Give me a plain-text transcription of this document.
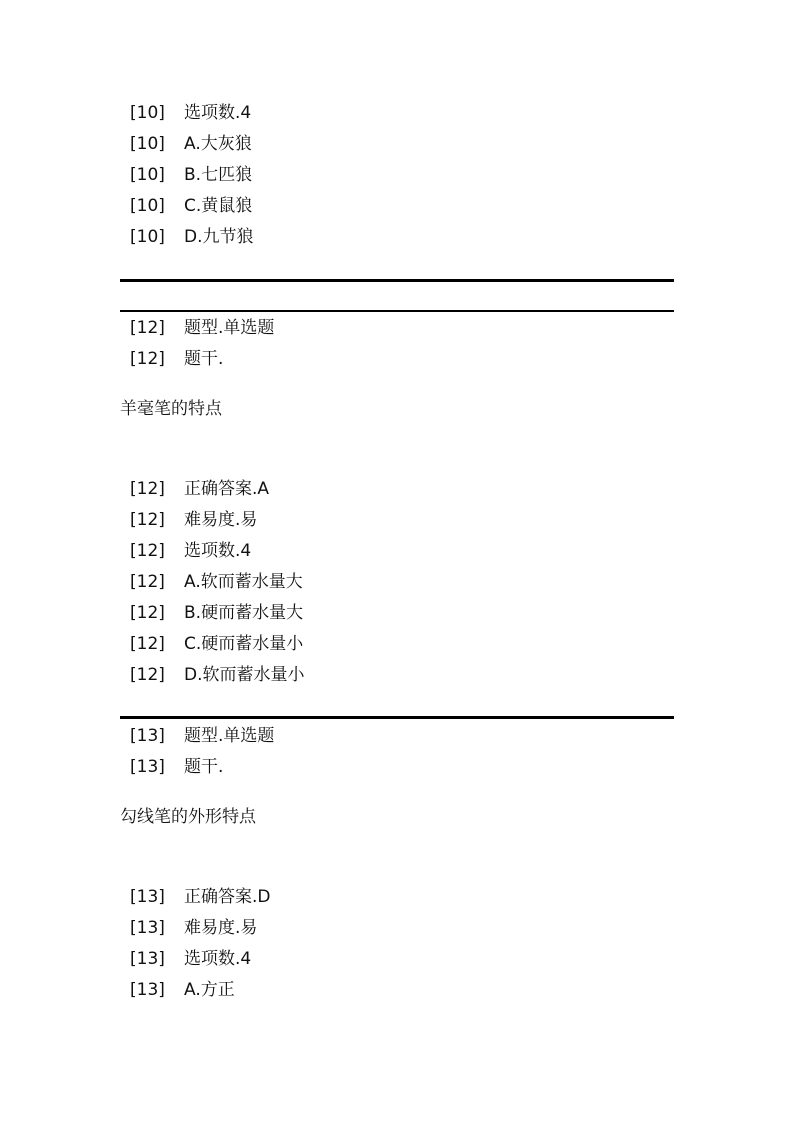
[10] 选项数.4
[10] A.大灰狼
[10] B.七匹狼
[10] C.黄鼠狼
[10] D.九节狼
[12] 题型.单选题
[12] 题干.
羊毫笔的特点
[12] 正确答案.A
[12] 难易度.易
[12] 选项数.4
[12] A.软而蓄水量大
[12] B.硬而蓄水量大
[12] C.硬而蓄水量小
[12] D.软而蓄水量小
[13] 题型.单选题
[13] 题干.
勾线笔的外形特点
[13] 正确答案.D
[13] 难易度.易
[13] 选项数.4
[13] A.方正
